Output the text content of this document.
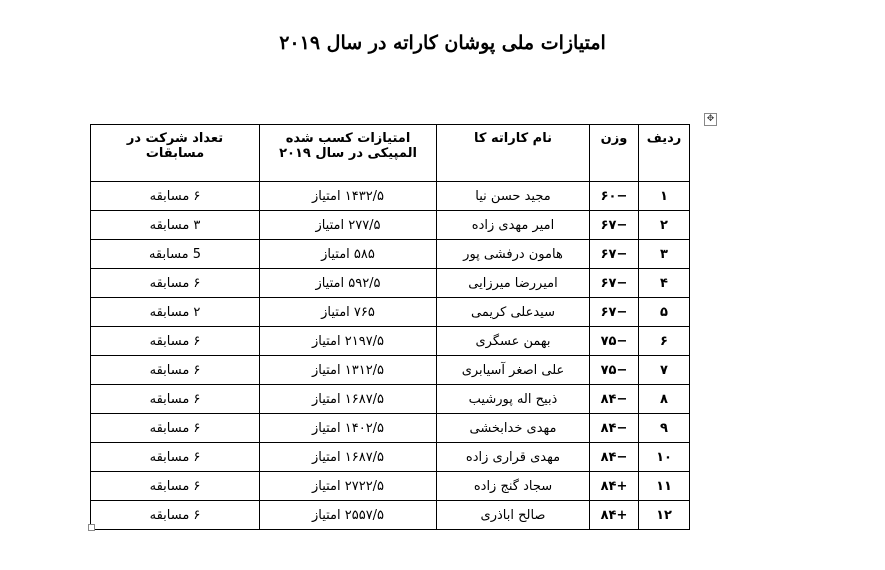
امتیازات ملی پوشان کاراته در سال ۲۰۱۹
✥
ردیف	وزن	نام کاراته کا	امتیازات کسب شده المپیکی در سال ۲۰۱۹	تعداد شرکت در مسابقات
۱	−۶۰	مجید حسن نیا	۱۴۳۲/۵ امتیاز	۶ مسابقه
۲	−۶۷	امیر مهدی زاده	۲۷۷/۵ امتیاز	۳ مسابقه
۳	−۶۷	هامون درفشی پور	۵۸۵ امتیاز	5 مسابقه
۴	−۶۷	امیررضا میرزایی	۵۹۲/۵ امتیاز	۶ مسابقه
۵	−۶۷	سیدعلی کریمی	۷۶۵ امتیاز	۲ مسابقه
۶	−۷۵	بهمن عسگری	۲۱۹۷/۵ امتیاز	۶ مسابقه
۷	−۷۵	علی اصغر آسیابری	۱۳۱۲/۵ امتیاز	۶ مسابقه
۸	−۸۴	ذبیح اله پورشیب	۱۶۸۷/۵ امتیاز	۶ مسابقه
۹	−۸۴	مهدی خدابخشی	۱۴۰۲/۵ امتیاز	۶ مسابقه
۱۰	−۸۴	مهدی قراری زاده	۱۶۸۷/۵ امتیاز	۶ مسابقه
۱۱	+۸۴	سجاد گنج زاده	۲۷۲۲/۵ امتیاز	۶ مسابقه
۱۲	+۸۴	صالح اباذری	۲۵۵۷/۵ امتیاز	۶ مسابقه
